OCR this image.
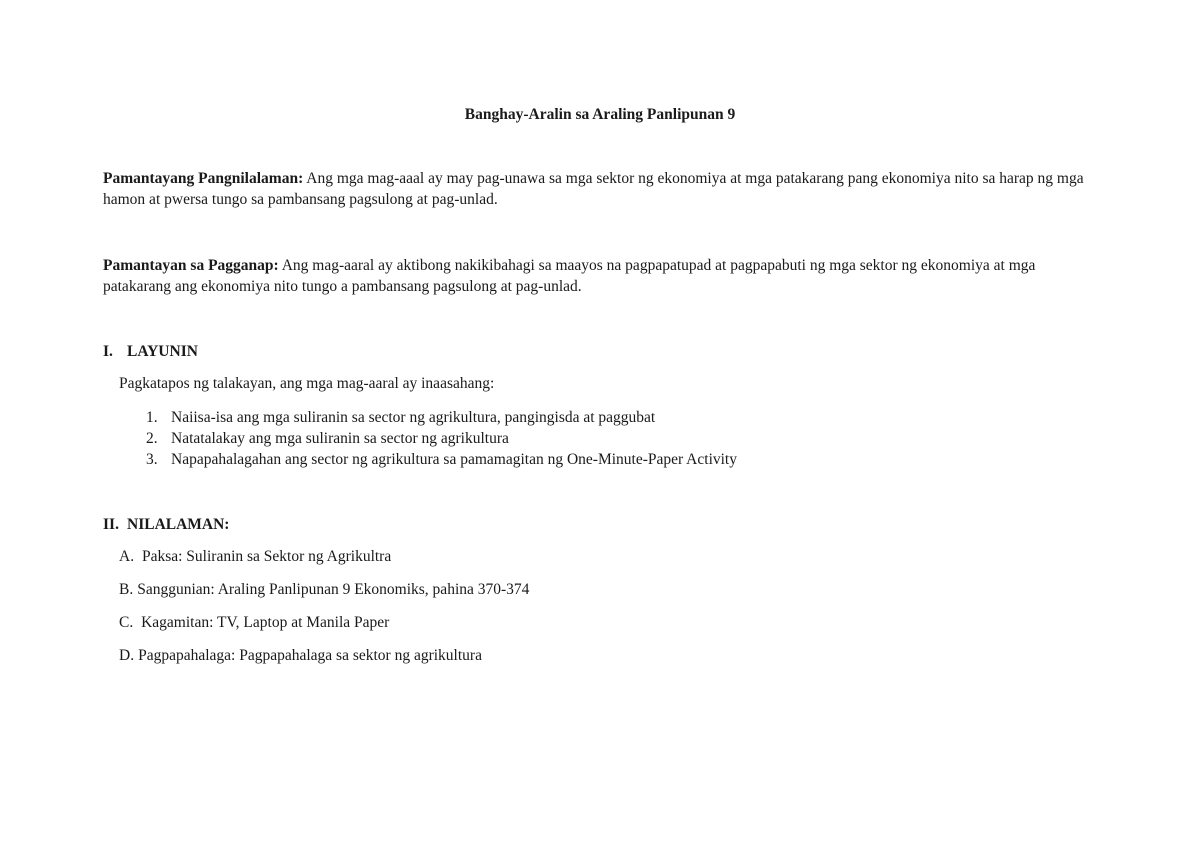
Banghay-Aralin sa Araling Panlipunan 9
Pamantayang Pangnilalaman: Ang mga mag-aaal ay may pag-unawa sa mga sektor ng ekonomiya at mga patakarang pang ekonomiya nito sa harap ng mga hamon at pwersa tungo sa pambansang pagsulong at pag-unlad.
Pamantayan sa Pagganap: Ang mag-aaral ay aktibong nakikibahagi sa maayos na pagpapatupad at pagpapabuti ng mga sektor ng ekonomiya at mga patakarang ang ekonomiya nito tungo a pambansang pagsulong at pag-unlad.
I. LAYUNIN
Pagkatapos ng talakayan, ang mga mag-aaral ay inaasahang:
1. Naiisa-isa ang mga suliranin sa sector ng agrikultura, pangingisda at paggubat
2. Natatalakay ang mga suliranin sa sector ng agrikultura
3. Napapahalagahan ang sector ng agrikultura sa pamamagitan ng One-Minute-Paper Activity
II. NILALAMAN:
A. Paksa: Suliranin sa Sektor ng Agrikultra
B. Sanggunian: Araling Panlipunan 9 Ekonomiks, pahina 370-374
C. Kagamitan: TV, Laptop at Manila Paper
D. Pagpapahalaga: Pagpapahalaga sa sektor ng agrikultura
